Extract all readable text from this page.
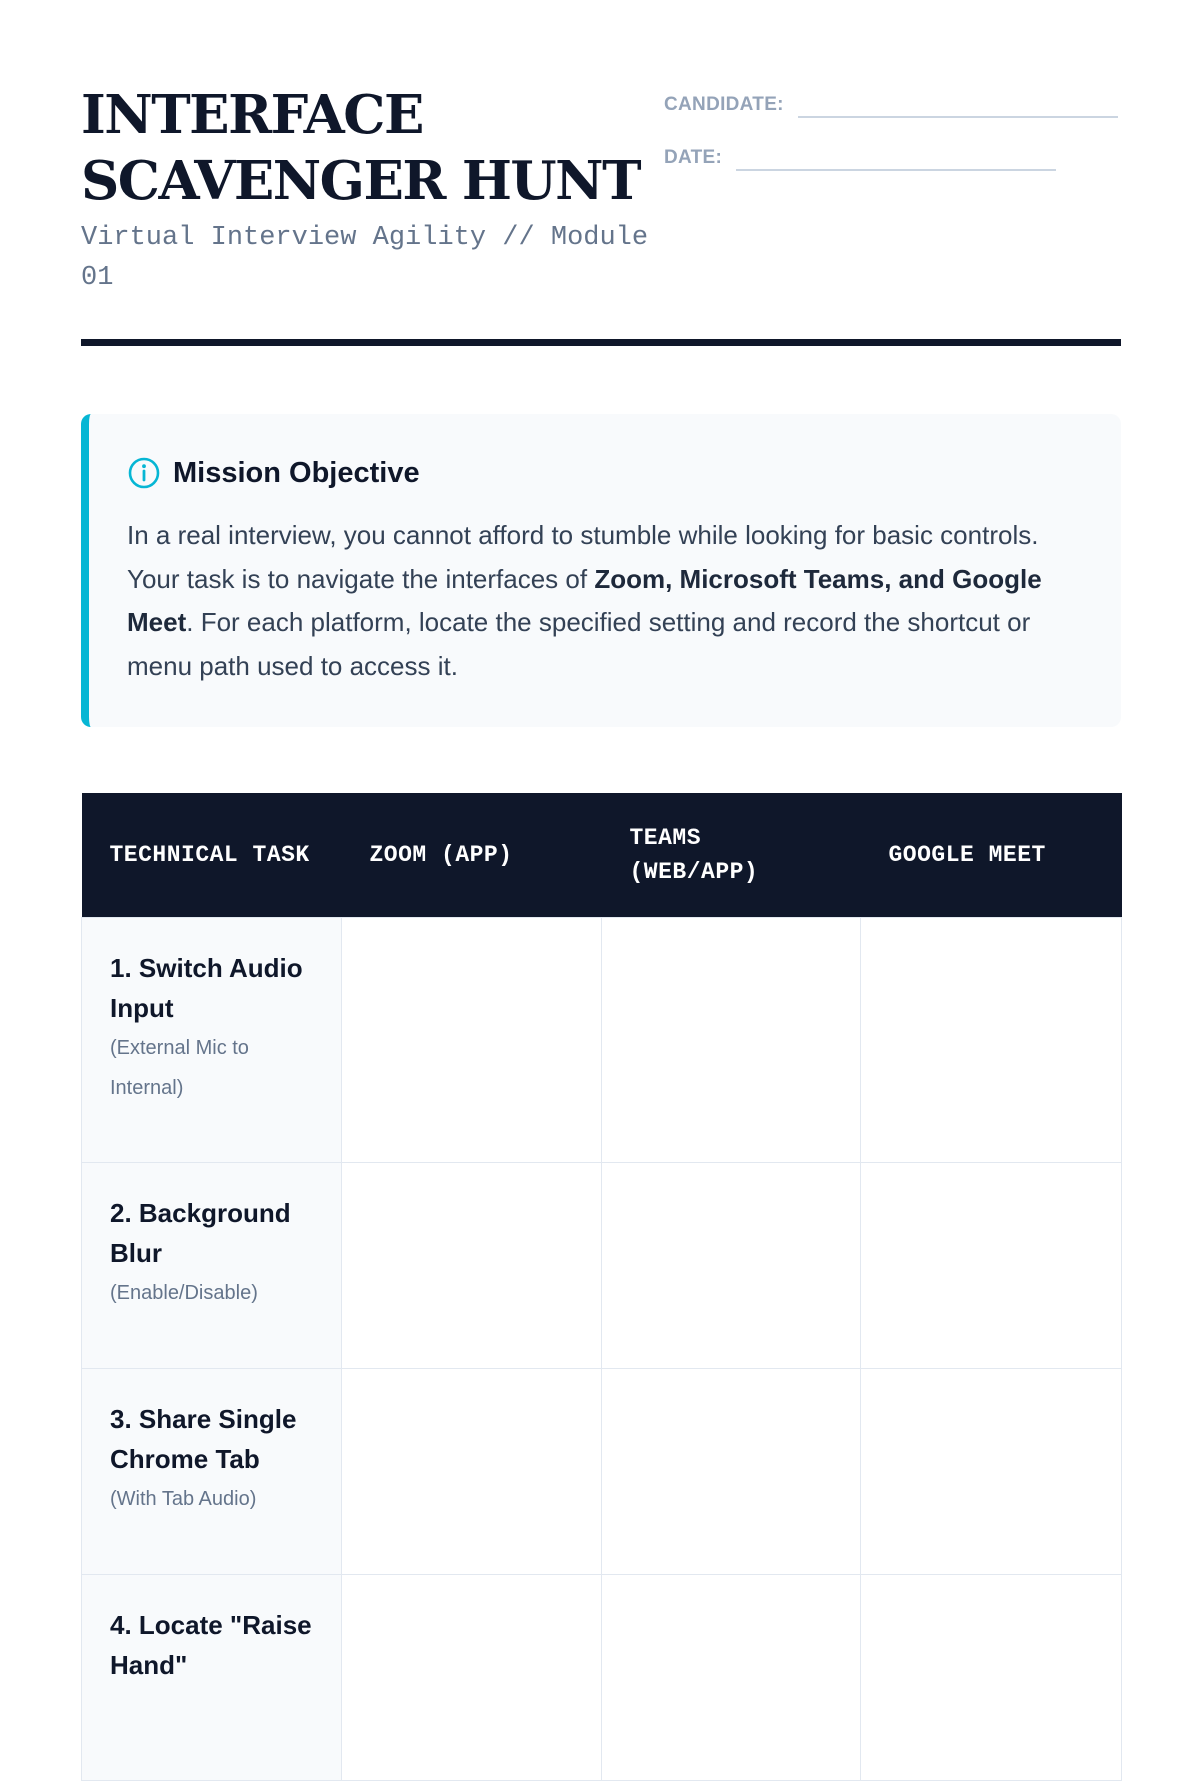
INTERFACE
SCAVENGER HUNT
Virtual Interview Agility // Module 01
CANDIDATE:
DATE:
Mission Objective

In a real interview, you cannot afford to stumble while looking for basic controls. Your task is to navigate the interfaces of Zoom, Microsoft Teams, and Google Meet. For each platform, locate the specified setting and record the shortcut or menu path used to access it.

TECHNICAL TASK	ZOOM (APP)	TEAMS (WEB/APP)	GOOGLE MEET

1. Switch Audio Input
(External Mic to Internal)			

2. Background Blur
(Enable/Disable)			

3. Share Single Chrome Tab
(With Tab Audio)			

4. Locate "Raise Hand"			
